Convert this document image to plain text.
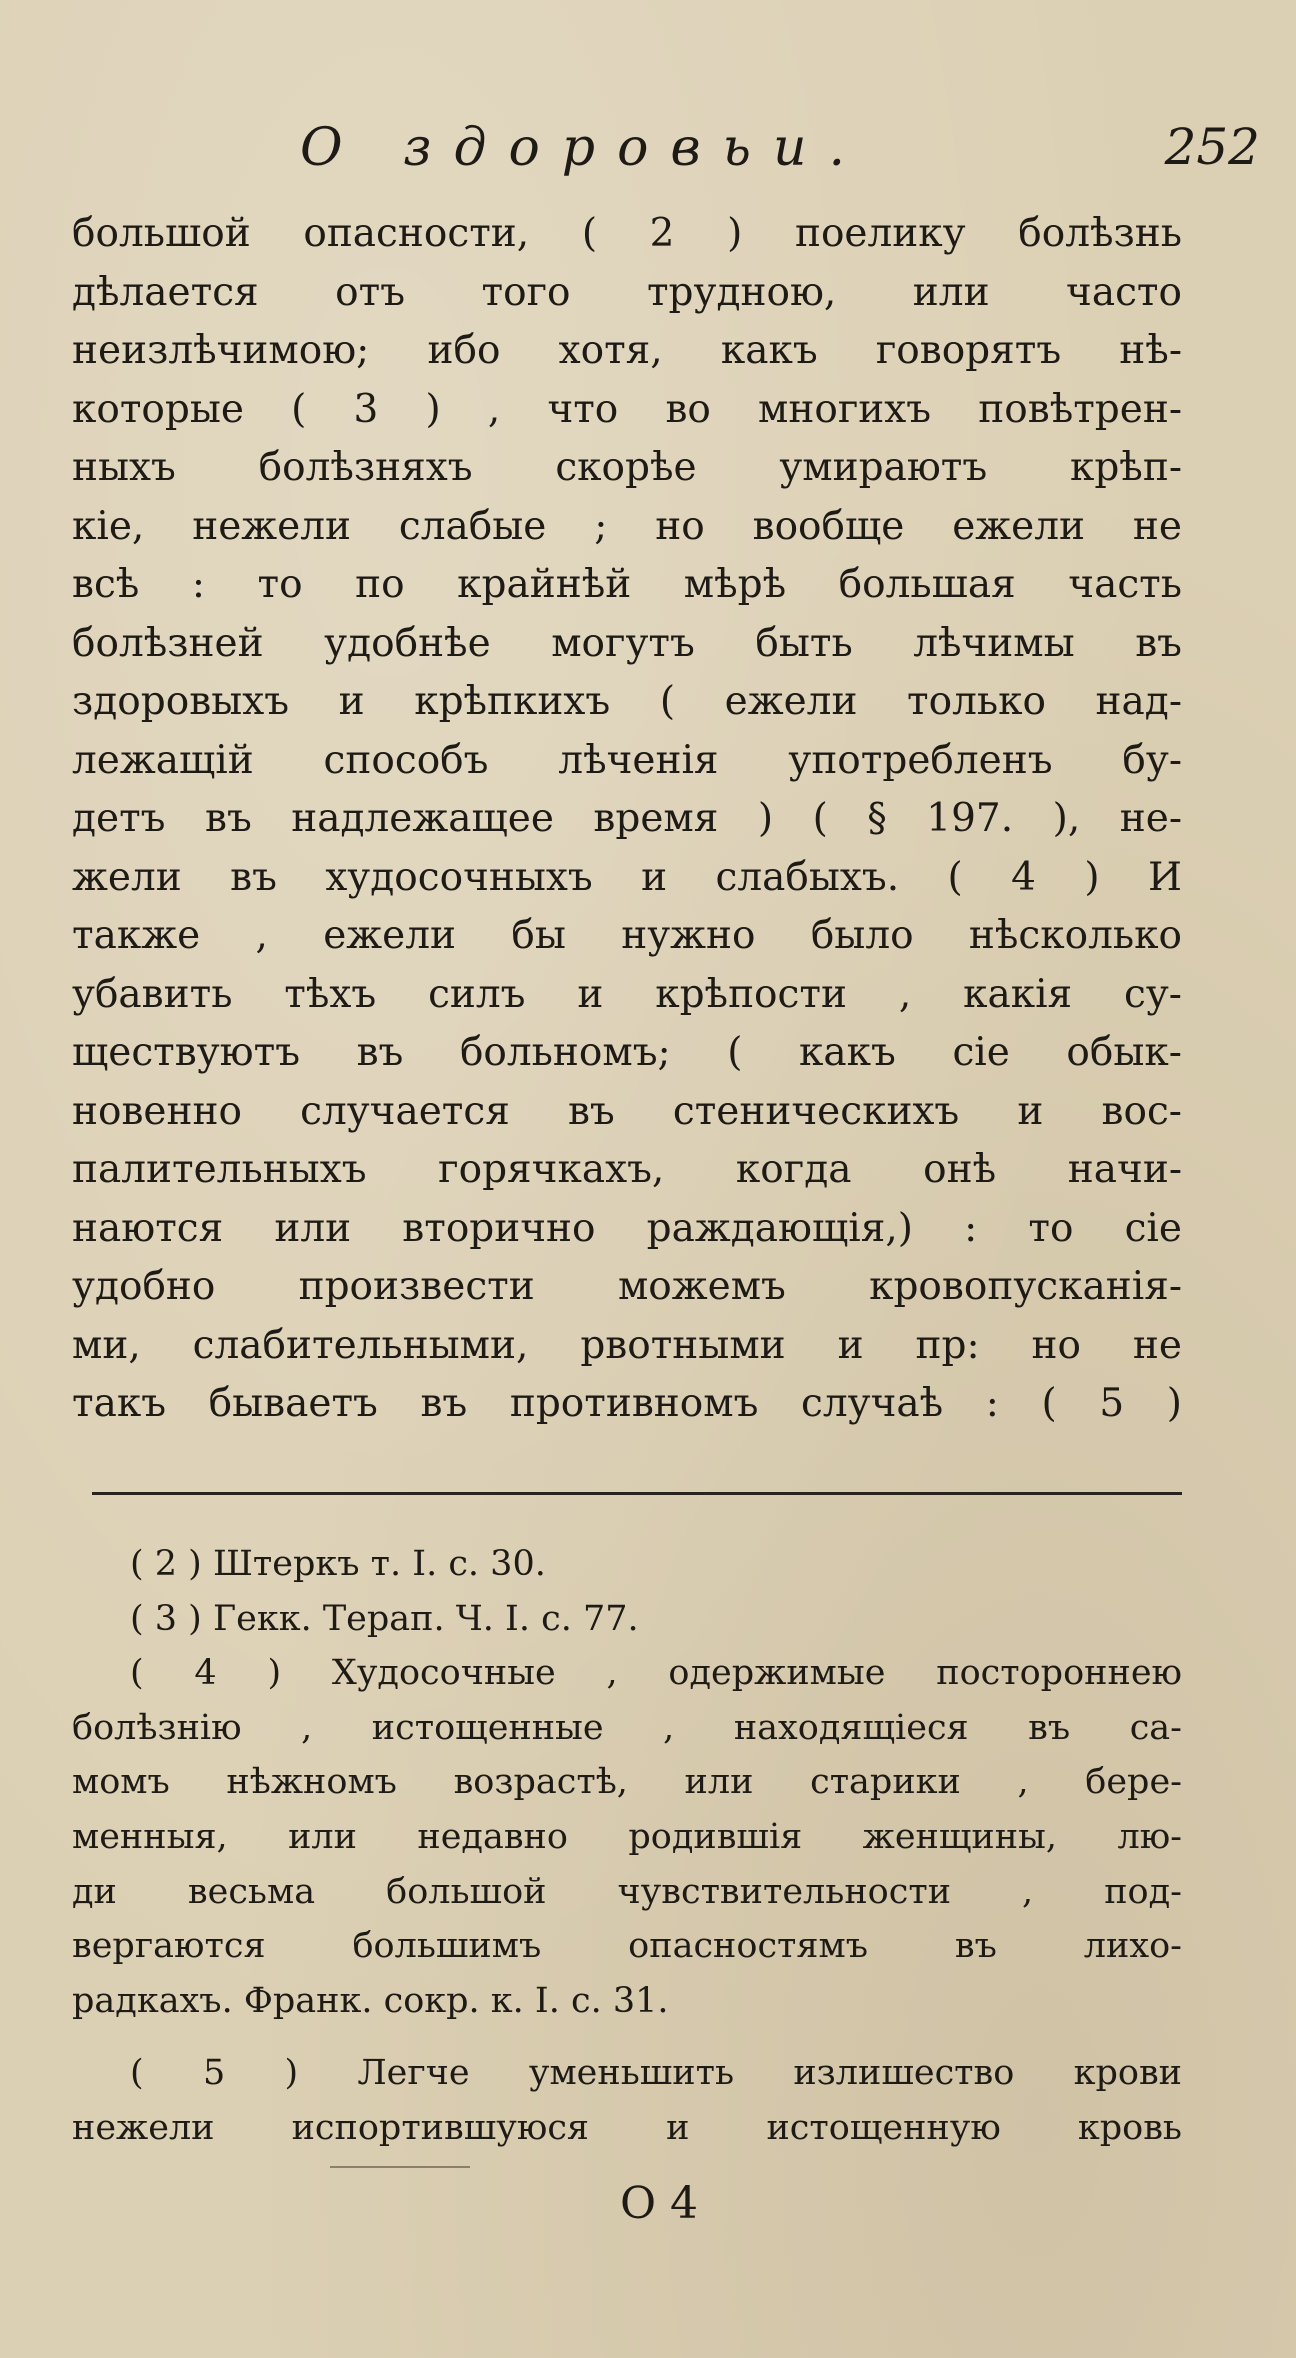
О здоровьи.	252
большой опасности, ( 2 ) поелику болѣзнь
дѣлается отъ того трудною, или часто
неизлѣчимою; ибо хотя, какъ говорятъ нѣ-
которые ( 3 ) , что во многихъ повѣтрен-
ныхъ болѣзняхъ скорѣе умираютъ крѣп-
кіе, нежели слабые ; но вообще ежели не
всѣ : то по крайнѣй мѣрѣ большая часть
болѣзней удобнѣе могутъ быть лѣчимы въ
здоровыхъ и крѣпкихъ ( ежели только над-
лежащій способъ лѣченія употребленъ бу-
детъ въ надлежащее время ) ( § 197. ), не-
жели въ худосочныхъ и слабыхъ. ( 4 ) И
также , ежели бы нужно было нѣсколько
убавить тѣхъ силъ и крѣпости , какія су-
ществуютъ въ больномъ; ( какъ сіе обык-
новенно случается въ стеническихъ и вос-
палительныхъ горячкахъ, когда онѣ начи-
наются или вторично раждающія,) : то сіе
удобно произвести можемъ кровопусканія-
ми, слабительными, рвотными и пр: но не
такъ бываетъ въ противномъ случаѣ : ( 5 )
( 2 ) Штеркъ т. I. с. 30.
( 3 ) Гекк. Терап. Ч. I. с. 77.
( 4 ) Худосочные , одержимые постороннею
болѣзнію , истощенные , находящіеся въ са-
момъ нѣжномъ возрастѣ, или старики , бере-
менныя, или недавно родившія женщины, лю-
ди весьма большой чувствительности , под-
вергаются большимъ опасностямъ въ лихо-
радкахъ. Франк. сокр. к. I. с. 31.
( 5 ) Легче уменьшить излишество крови
нежели испортившуюся и истощенную кровь
О 4
